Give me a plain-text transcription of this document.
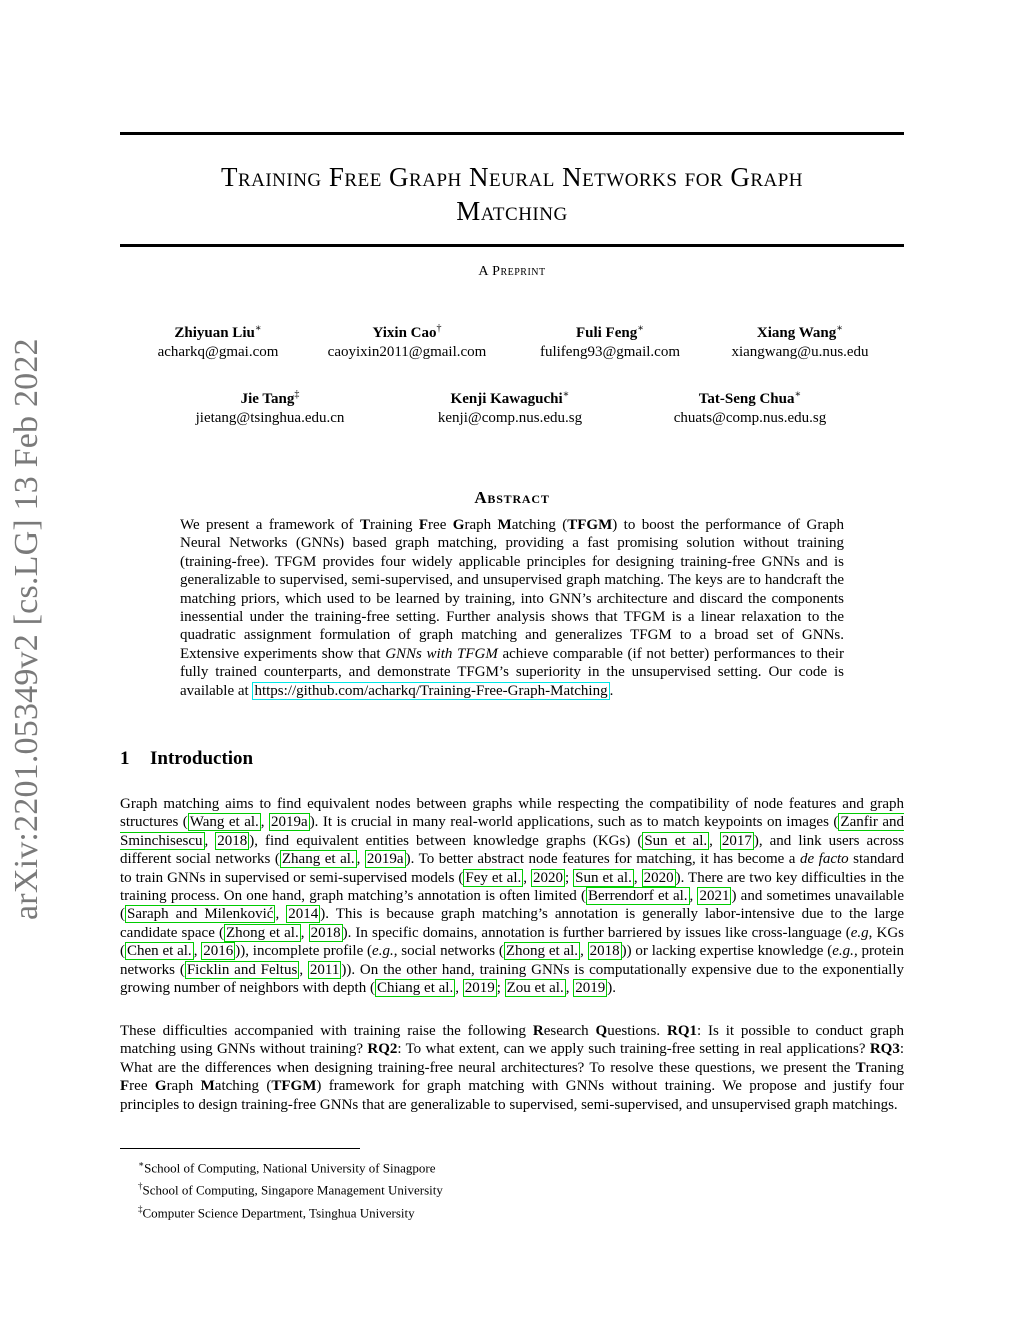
arXiv:2201.05349v2 [cs.LG] 13 Feb 2022
Training Free Graph Neural Networks for Graph
Matching
A Preprint
Zhiyuan Liu∗
acharkq@gmai.com
Yixin Cao†
caoyixin2011@gmail.com
Fuli Feng∗
fulifeng93@gmail.com
Xiang Wang∗
xiangwang@u.nus.edu
Jie Tang‡
jietang@tsinghua.edu.cn
Kenji Kawaguchi∗
kenji@comp.nus.edu.sg
Tat-Seng Chua∗
chuats@comp.nus.edu.sg
Abstract
We present a framework of Training Free Graph Matching (TFGM) to boost the performance of Graph Neural Networks (GNNs) based graph matching, providing a fast promising solution without training (training-free). TFGM provides four widely applicable principles for designing training-free GNNs and is generalizable to supervised, semi-supervised, and unsupervised graph matching. The keys are to handcraft the matching priors, which used to be learned by training, into GNN’s architecture and discard the components inessential under the training-free setting. Further analysis shows that TFGM is a linear relaxation to the quadratic assignment formulation of graph matching and generalizes TFGM to a broad set of GNNs. Extensive experiments show that GNNs with TFGM achieve comparable (if not better) performances to their fully trained counterparts, and demonstrate TFGM’s superiority in the unsupervised setting. Our code is available at https://github.com/acharkq/Training-Free-Graph-Matching .
1 Introduction
Graph matching aims to find equivalent nodes between graphs while respecting the compatibility of node features and graph structures ( Wang et al. , 2019a ). It is crucial in many real-world applications, such as to match keypoints on images ( Zanfir and Sminchisescu , 2018 ), find equivalent entities between knowledge graphs (KGs) ( Sun et al. , 2017 ), and link users across different social networks ( Zhang et al. , 2019a ). To better abstract node features for matching, it has become a de facto standard to train GNNs in supervised or semi-supervised models ( Fey et al. , 2020 ; Sun et al. , 2020 ). There are two key difficulties in the training process. On one hand, graph matching’s annotation is often limited ( Berrendorf et al. , 2021 ) and sometimes unavailable ( Saraph and Milenković , 2014 ). This is because graph matching’s annotation is generally labor-intensive due to the large candidate space ( Zhong et al. , 2018 ). In specific domains, annotation is further barriered by issues like cross-language (e.g, KGs ( Chen et al. , 2016 )), incomplete profile (e.g., social networks ( Zhong et al. , 2018 )) or lacking expertise knowledge (e.g., protein networks ( Ficklin and Feltus , 2011 )). On the other hand, training GNNs is computationally expensive due to the exponentially growing number of neighbors with depth ( Chiang et al. , 2019 ; Zou et al. , 2019 ).
These difficulties accompanied with training raise the following Research Questions. RQ1: Is it possible to conduct graph matching using GNNs without training? RQ2: To what extent, can we apply such training-free setting in real applications? RQ3: What are the differences when designing training-free neural architectures? To resolve these questions, we present the Traning Free Graph Matching (TFGM) framework for graph matching with GNNs without training. We propose and justify four principles to design training-free GNNs that are generalizable to supervised, semi-supervised, and unsupervised graph matchings.
∗School of Computing, National University of Sinagpore
†School of Computing, Singapore Management University
‡Computer Science Department, Tsinghua University
